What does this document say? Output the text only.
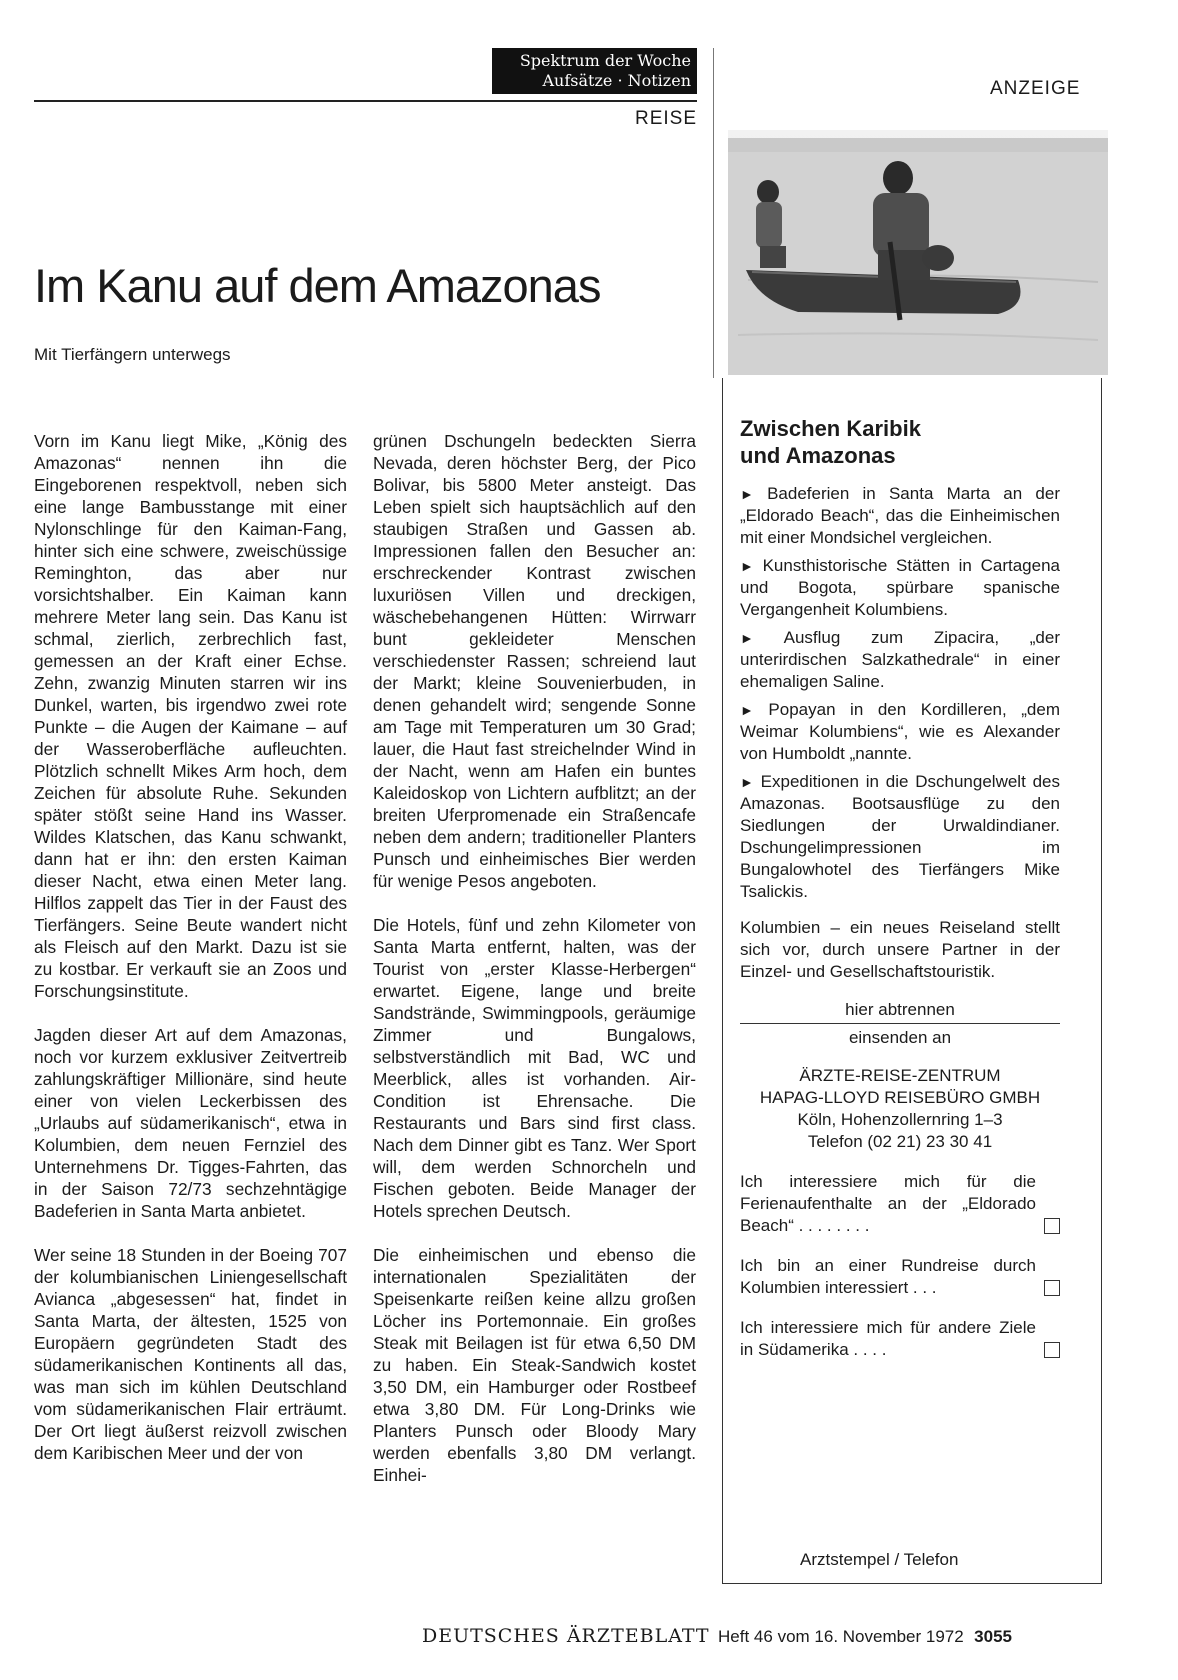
Spektrum der Woche
Aufsätze · Notizen
REISE
ANZEIGE
Im Kanu auf dem Amazonas
Mit Tierfängern unterwegs

Vorn im Kanu liegt Mike, „König des Amazonas“ nennen ihn die Eingeborenen respektvoll, neben sich eine lange Bambusstange mit einer Nylonschlinge für den Kaiman-Fang, hinter sich eine schwere, zweischüssige Reminghton, das aber nur vorsichtshalber. Ein Kaiman kann mehrere Meter lang sein. Das Kanu ist schmal, zierlich, zerbrechlich fast, gemessen an der Kraft einer Echse. Zehn, zwanzig Minuten starren wir ins Dunkel, warten, bis irgendwo zwei rote Punkte – die Augen der Kaimane – auf der Wasseroberfläche aufleuchten. Plötzlich schnellt Mikes Arm hoch, dem Zeichen für absolute Ruhe. Sekunden später stößt seine Hand ins Wasser. Wildes Klatschen, das Kanu schwankt, dann hat er ihn: den ersten Kaiman dieser Nacht, etwa einen Meter lang. Hilflos zappelt das Tier in der Faust des Tierfängers. Seine Beute wandert nicht als Fleisch auf den Markt. Dazu ist sie zu kostbar. Er verkauft sie an Zoos und Forschungsinstitute.

Jagden dieser Art auf dem Amazonas, noch vor kurzem exklusiver Zeitvertreib zahlungskräftiger Millionäre, sind heute einer von vielen Leckerbissen des „Urlaubs auf südamerikanisch“, etwa in Kolumbien, dem neuen Fernziel des Unternehmens Dr. Tigges-Fahrten, das in der Saison 72/73 sechzehntägige Badeferien in Santa Marta anbietet.

Wer seine 18 Stunden in der Boeing 707 der kolumbianischen Liniengesellschaft Avianca „abgesessen“ hat, findet in Santa Marta, der ältesten, 1525 von Europäern gegründeten Stadt des südamerikanischen Kontinents all das, was man sich im kühlen Deutschland vom südamerikanischen Flair erträumt. Der Ort liegt äußerst reizvoll zwischen dem Karibischen Meer und der von

grünen Dschungeln bedeckten Sierra Nevada, deren höchster Berg, der Pico Bolivar, bis 5800 Meter ansteigt. Das Leben spielt sich hauptsächlich auf den staubigen Straßen und Gassen ab. Impressionen fallen den Besucher an: erschreckender Kontrast zwischen luxuriösen Villen und dreckigen, wäschebehangenen Hütten: Wirrwarr bunt gekleideter Menschen verschiedenster Rassen; schreiend laut der Markt; kleine Souvenierbuden, in denen gehandelt wird; sengende Sonne am Tage mit Temperaturen um 30 Grad; lauer, die Haut fast streichelnder Wind in der Nacht, wenn am Hafen ein buntes Kaleidoskop von Lichtern aufblitzt; an der breiten Uferpromenade ein Straßencafe neben dem andern; traditioneller Planters Punsch und einheimisches Bier werden für wenige Pesos angeboten.

Die Hotels, fünf und zehn Kilometer von Santa Marta entfernt, halten, was der Tourist von „erster Klasse-Herbergen“ erwartet. Eigene, lange und breite Sandstrände, Swimmingpools, geräumige Zimmer und Bungalows, selbstverständlich mit Bad, WC und Meerblick, alles ist vorhanden. Air-Condition ist Ehrensache. Die Restaurants und Bars sind first class. Nach dem Dinner gibt es Tanz. Wer Sport will, dem werden Schnorcheln und Fischen geboten. Beide Manager der Hotels sprechen Deutsch.

Die einheimischen und ebenso die internationalen Spezialitäten der Speisenkarte reißen keine allzu großen Löcher ins Portemonnaie. Ein großes Steak mit Beilagen ist für etwa 6,50 DM zu haben. Ein Steak-Sandwich kostet 3,50 DM, ein Hamburger oder Rostbeef etwa 3,80 DM. Für Long-Drinks wie Planters Punsch oder Bloody Mary werden ebenfalls 3,80 DM verlangt. Einhei-

Zwischen Karibik
und Amazonas
► Badeferien in Santa Marta an der „Eldorado Beach“, das die Einheimischen mit einer Mondsichel vergleichen.
► Kunsthistorische Stätten in Cartagena und Bogota, spürbare spanische Vergangenheit Kolumbiens.
► Ausflug zum Zipacira, „der unterirdischen Salzkathedrale“ in einer ehemaligen Saline.
► Popayan in den Kordilleren, „dem Weimar Kolumbiens“, wie es Alexander von Humboldt „nannte.
► Expeditionen in die Dschungelwelt des Amazonas. Bootsausflüge zu den Siedlungen der Urwaldindianer. Dschungelimpressionen im Bungalowhotel des Tierfängers Mike Tsalickis.

Kolumbien – ein neues Reiseland stellt sich vor, durch unsere Partner in der Einzel- und Gesellschaftstouristik.

hier abtrennen
einsenden an
ÄRZTE-REISE-ZENTRUM
HAPAG-LLOYD REISEBÜRO GMBH
Köln, Hohenzollernring 1–3
Telefon (02 21) 23 30 41
Ich interessiere mich für die Ferienaufenthalte an der „Eldorado Beach“ . . . . . . . .
Ich bin an einer Rundreise durch Kolumbien interessiert . . .
Ich interessiere mich für andere Ziele in Südamerika . . . .
Arztstempel / Telefon
DEUTSCHES ÄRZTEBLATT Heft 46 vom 16. November 1972 3055
